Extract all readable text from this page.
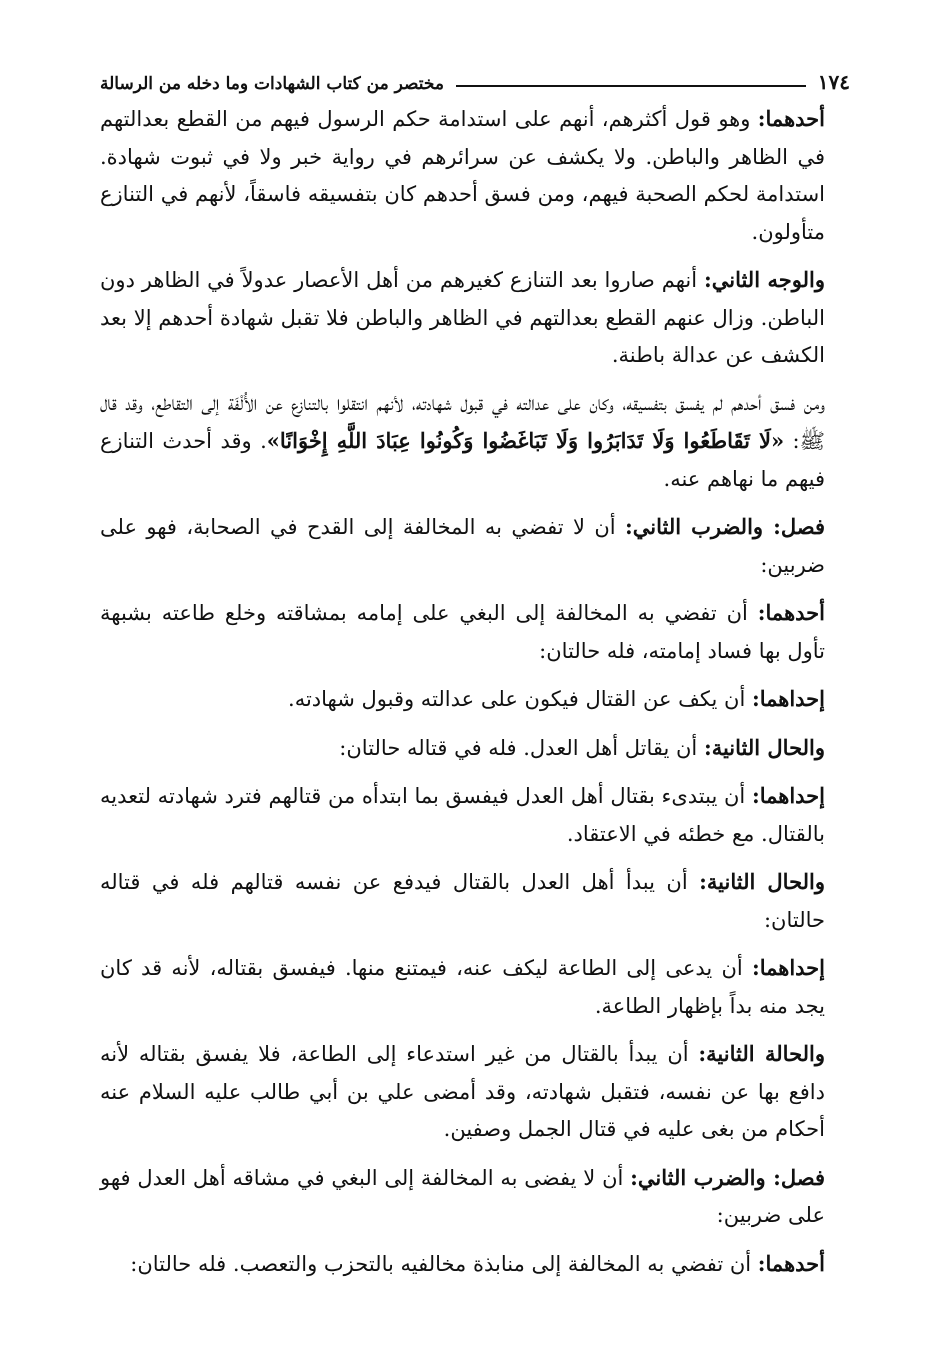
١٧٤
مختصر من كتاب الشهادات وما دخله من الرسالة

أحدهما: وهو قول أكثرهم، أنهم على استدامة حكم الرسول فيهم من القطع بعدالتهم في الظاهر والباطن. ولا يكشف عن سرائرهم في رواية خبر ولا في ثبوت شهادة. استدامة لحكم الصحبة فيهم، ومن فسق أحدهم كان بتفسيقه فاسقاً، لأنهم في التنازع متأولون.

والوجه الثاني: أنهم صاروا بعد التنازع كغيرهم من أهل الأعصار عدولاً في الظاهر دون الباطن. وزال عنهم القطع بعدالتهم في الظاهر والباطن فلا تقبل شهادة أحدهم إلا بعد الكشف عن عدالة باطنة.

ومن فسق أحدهم لم يفسق بتفسيقه، وكان على عدالته في قبول شهادته، لأنهم انتقلوا بالتنازع عن الأُلْفَة إلى التقاطع، وقد قال ﷺ: «لَا تَقَاطَعُوا وَلَا تَدَابَرُوا وَلَا تَبَاغَضُوا وَكُونُوا عِبَادَ اللَّهِ إِخْوَانًا». وقد أحدث التنازع فيهم ما نهاهم عنه.

فصل: والضرب الثاني: أن لا تفضي به المخالفة إلى القدح في الصحابة، فهو على ضربين:

أحدهما: أن تفضي به المخالفة إلى البغي على إمامه بمشاقته وخلع طاعته بشبهة تأول بها فساد إمامته، فله حالتان:

إحداهما: أن يكف عن القتال فيكون على عدالته وقبول شهادته.

والحال الثانية: أن يقاتل أهل العدل. فله في قتاله حالتان:

إحداهما: أن يبتدىء بقتال أهل العدل فيفسق بما ابتدأه من قتالهم فترد شهادته لتعديه بالقتال. مع خطئه في الاعتقاد.

والحال الثانية: أن يبدأ أهل العدل بالقتال فيدفع عن نفسه قتالهم فله في قتاله حالتان:

إحداهما: أن يدعى إلى الطاعة ليكف عنه، فيمتنع منها. فيفسق بقتاله، لأنه قد كان يجد منه بداً بإظهار الطاعة.

والحالة الثانية: أن يبدأ بالقتال من غير استدعاء إلى الطاعة، فلا يفسق بقتاله لأنه دافع بها عن نفسه، فتقبل شهادته، وقد أمضى علي بن أبي طالب عليه السلام عنه أحكام من بغى عليه في قتال الجمل وصفين.

فصل: والضرب الثاني: أن لا يفضى به المخالفة إلى البغي في مشاقه أهل العدل فهو على ضربين:

أحدهما: أن تفضي به المخالفة إلى منابذة مخالفيه بالتحزب والتعصب. فله حالتان:
